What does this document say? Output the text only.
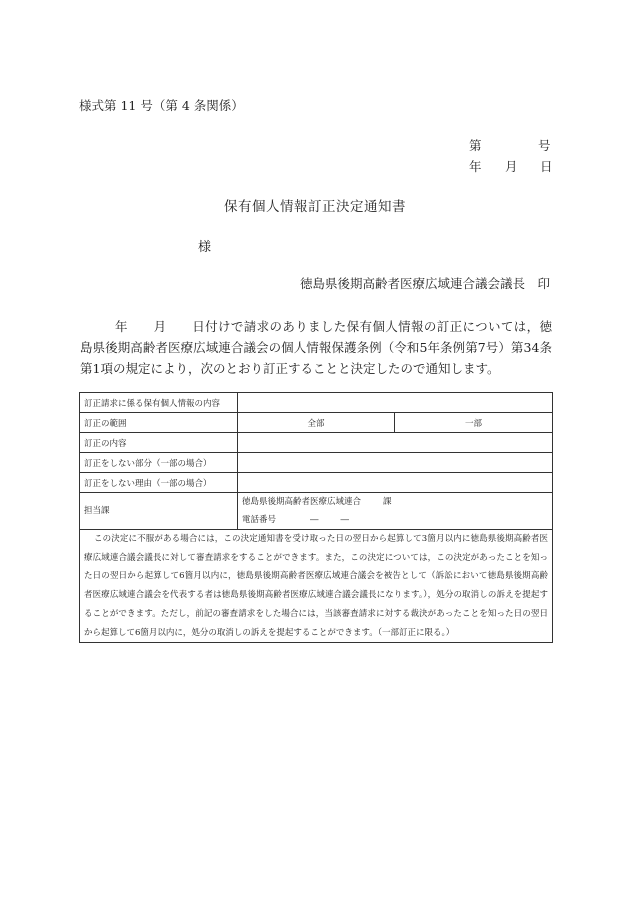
様式第 11 号（第 4 条関係）
第	号
年 月 日
保有個人情報訂正決定通知書
様
徳島県後期高齢者医療広域連合議会議長　印
年　　月　　日付けで請求のありました保有個人情報の訂正については，徳島県後期高齢者医療広域連合議会の個人情報保護条例（令和5年条例第7号）第34条第1項の規定により，次のとおり訂正することと決定したので通知します。
訂正請求に係る保有個人情報の内容		
訂正の範囲	全部	一部
訂正の内容		
訂正をしない部分（一部の場合）		
訂正をしない理由（一部の場合）		

担当課	徳島県後期高齢者医療広域連合 課
電話番号 ― ―	

この決定に不服がある場合には，この決定通知書を受け取った日の翌日から起算して3箇月以内に徳島県後期高齢者医療広域連合議会議長に対して審査請求をすることができます。また，この決定については，この決定があったことを知った日の翌日から起算して6箇月以内に，徳島県後期高齢者医療広域連合議会を被告として（訴訟において徳島県後期高齢者医療広域連合議会を代表する者は徳島県後期高齢者医療広域連合議会議長になります。），処分の取消しの訴えを提起することができます。ただし，前記の審査請求をした場合には，当該審査請求に対する裁決があったことを知った日の翌日から起算して6箇月以内に，処分の取消しの訴えを提起することができます。（一部訂正に限る。）		
